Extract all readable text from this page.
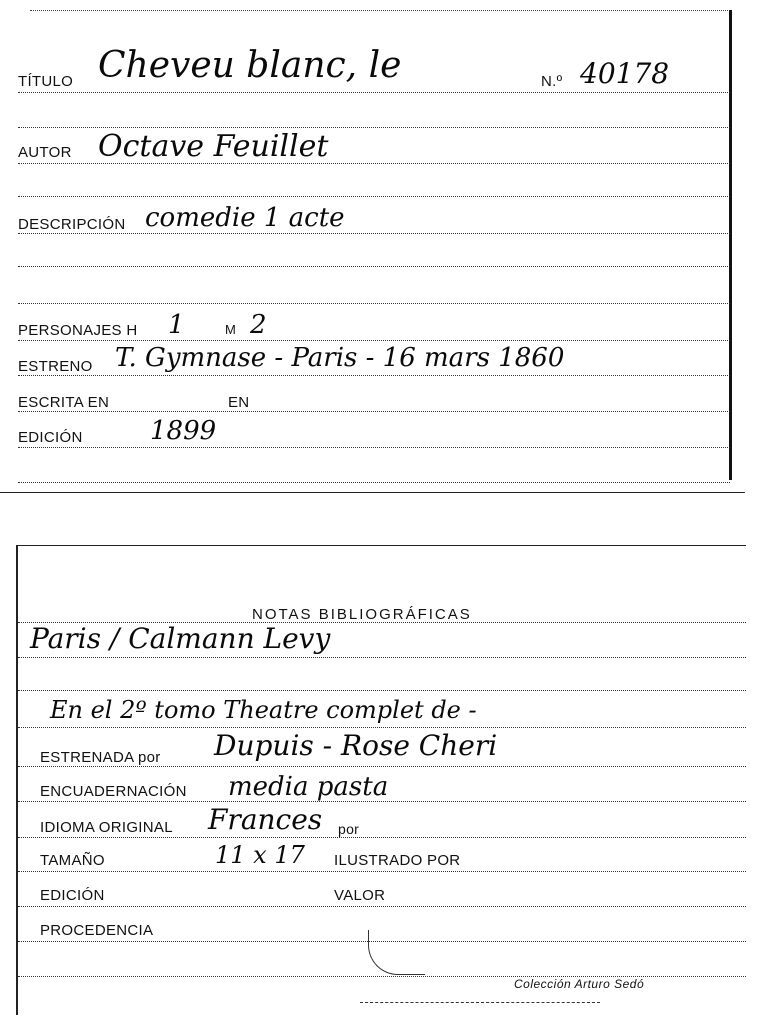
TÍTULO Cheveu blanc, le	N.º 40178
AUTOR Octave Feuillet
DESCRIPCIÓN comedie 1 acte
PERSONAJES H 1	M 2
ESTRENO T. Gymnase - Paris - 16 mars 1860
ESCRITA EN	EN
EDICIÓN	1899
NOTAS BIBLIOGRÁFICAS
Paris / Calmann Levy
En el 2º tomo Theatre complet de -
ESTRENADA por Dupuis - Rose Cheri
ENCUADERNACIÓN media pasta
IDIOMA ORIGINAL Frances por
TAMAÑO	11 x 17 ILUSTRADO POR
EDICIÓN	VALOR
PROCEDENCIA
Colección Arturo Sedó
